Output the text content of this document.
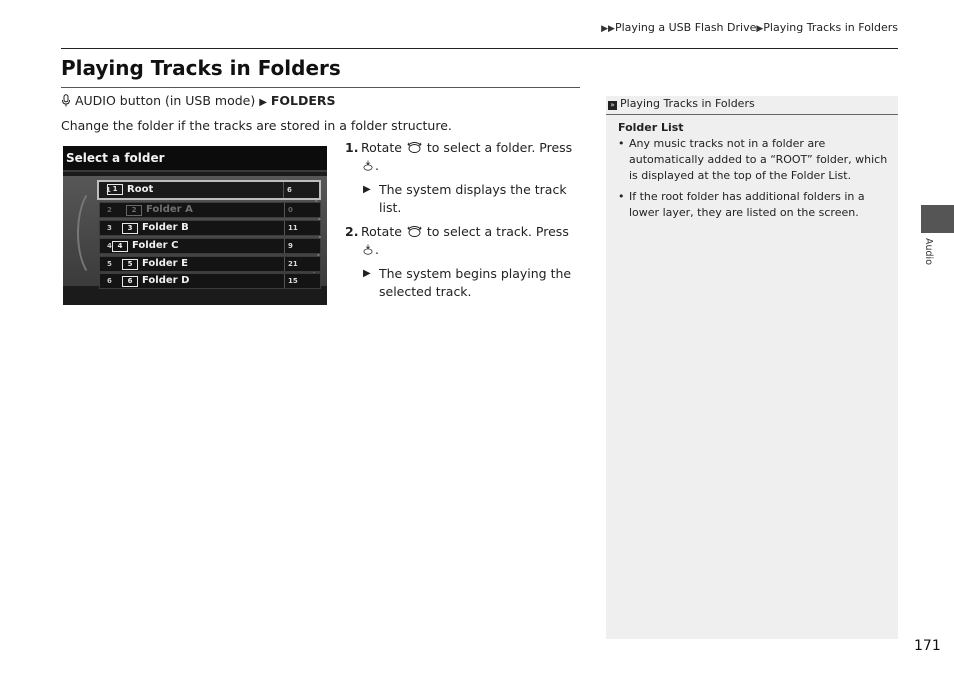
▶▶Playing a USB Flash Drive▶Playing Tracks in Folders
Playing Tracks in Folders
AUDIO button (in USB mode) ▶ FOLDERS
Change the folder if the tracks are stored in a folder structure.
Select a folder
1 1 Root	6
2	2 Folder A	0
3	3 Folder B	11
4 4 Folder C	9
5	5 Folder E	21
6	6 Folder D	15
1. Rotate to select a folder. Press .
▶ The system displays the track list.
2. Rotate to select a track. Press .
▶ The system begins playing the selected track.
» Playing Tracks in Folders
Folder List
• Any music tracks not in a folder are automatically added to a “ROOT” folder, which is displayed at the top of the Folder List.
• If the root folder has additional folders in a lower layer, they are listed on the screen.
Audio
171
